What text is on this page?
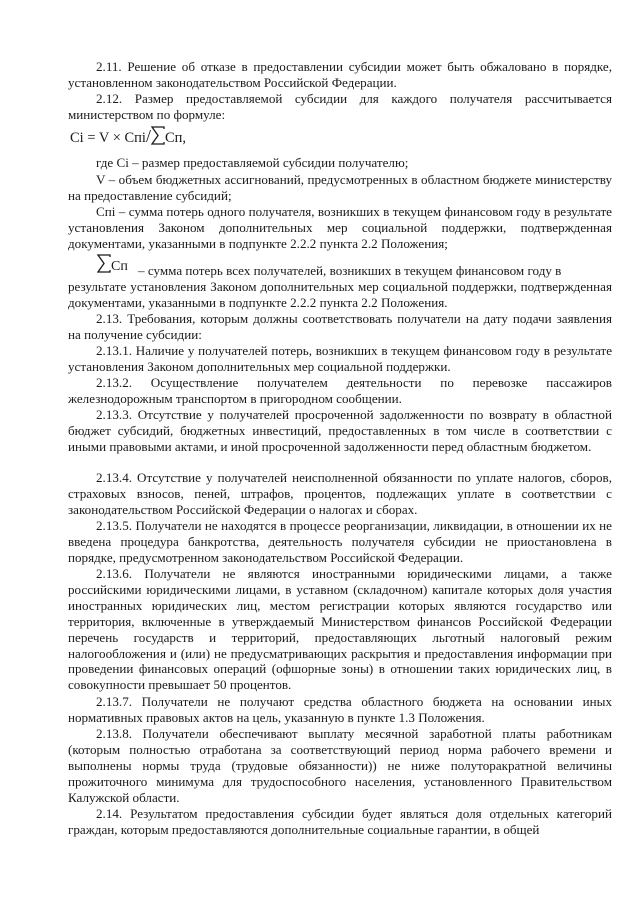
2.11. Решение об отказе в предоставлении субсидии может быть обжаловано в порядке, установленном законодательством Российской Федерации.

2.12. Размер предоставляемой субсидии для каждого получателя рассчитывается министерством по формуле:

Ci = V × Cпi/ Cп,

где Ci – размер предоставляемой субсидии получателю;

V – объем бюджетных ассигнований, предусмотренных в областном бюджете министерству на предоставление субсидий;

Cпi – сумма потерь одного получателя, возникших в текущем финансовом году в результате установления Законом дополнительных мер социальной поддержки, подтвержденная документами, указанными в подпункте 2.2.2 пункта 2.2 Положения;

Cп – сумма потерь всех получателей, возникших в текущем финансовом году в

результате установления Законом дополнительных мер социальной поддержки, подтвержденная документами, указанными в подпункте 2.2.2 пункта 2.2 Положения.

2.13. Требования, которым должны соответствовать получатели на дату подачи заявления на получение субсидии:

2.13.1. Наличие у получателей потерь, возникших в текущем финансовом году в результате установления Законом дополнительных мер социальной поддержки.

2.13.2. Осуществление получателем деятельности по перевозке пассажиров железнодорожным транспортом в пригородном сообщении.

2.13.3. Отсутствие у получателей просроченной задолженности по возврату в областной бюджет субсидий, бюджетных инвестиций, предоставленных в том числе в соответствии с иными правовыми актами, и иной просроченной задолженности перед областным бюджетом.

2.13.4. Отсутствие у получателей неисполненной обязанности по уплате налогов, сборов, страховых взносов, пеней, штрафов, процентов, подлежащих уплате в соответствии с законодательством Российской Федерации о налогах и сборах.

2.13.5. Получатели не находятся в процессе реорганизации, ликвидации, в отношении их не введена процедура банкротства, деятельность получателя субсидии не приостановлена в порядке, предусмотренном законодательством Российской Федерации.

2.13.6. Получатели не являются иностранными юридическими лицами, а также российскими юридическими лицами, в уставном (складочном) капитале которых доля участия иностранных юридических лиц, местом регистрации которых являются государство или территория, включенные в утверждаемый Министерством финансов Российской Федерации перечень государств и территорий, предоставляющих льготный налоговый режим налогообложения и (или) не предусматривающих раскрытия и предоставления информации при проведении финансовых операций (офшорные зоны) в отношении таких юридических лиц, в совокупности превышает 50 процентов.

2.13.7. Получатели не получают средства областного бюджета на основании иных нормативных правовых актов на цель, указанную в пункте 1.3 Положения.

2.13.8. Получатели обеспечивают выплату месячной заработной платы работникам (которым полностью отработана за соответствующий период норма рабочего времени и выполнены нормы труда (трудовые обязанности)) не ниже полуторакратной величины прожиточного минимума для трудоспособного населения, установленного Правительством Калужской области.

2.14. Результатом предоставления субсидии будет являться доля отдельных категорий граждан, которым предоставляются дополнительные социальные гарантии, в общей
